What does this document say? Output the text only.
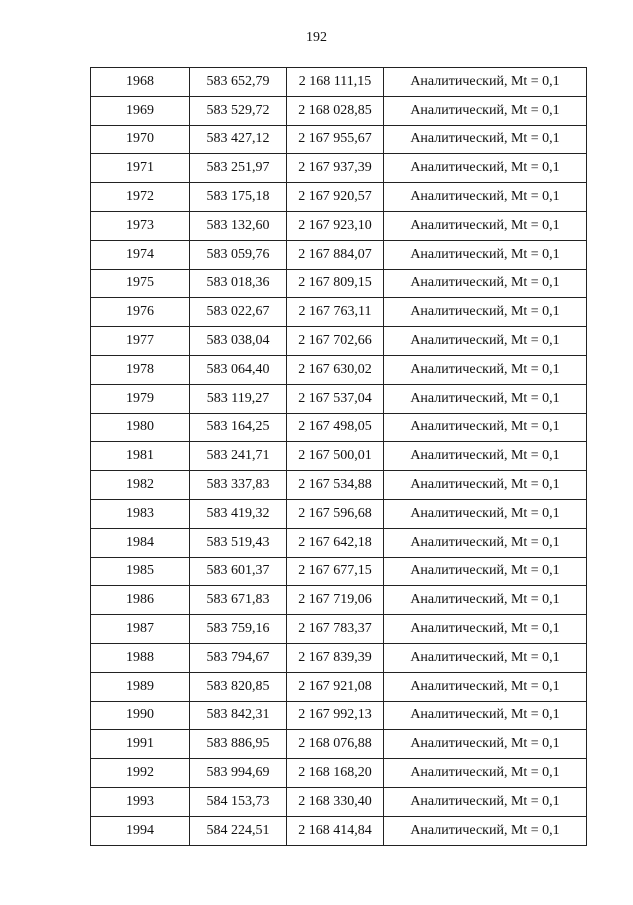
192
1968	583 652,79	2 168 111,15	Аналитический, Mt = 0,1
1969	583 529,72	2 168 028,85	Аналитический, Mt = 0,1
1970	583 427,12	2 167 955,67	Аналитический, Mt = 0,1
1971	583 251,97	2 167 937,39	Аналитический, Mt = 0,1
1972	583 175,18	2 167 920,57	Аналитический, Mt = 0,1
1973	583 132,60	2 167 923,10	Аналитический, Mt = 0,1
1974	583 059,76	2 167 884,07	Аналитический, Mt = 0,1
1975	583 018,36	2 167 809,15	Аналитический, Mt = 0,1
1976	583 022,67	2 167 763,11	Аналитический, Mt = 0,1
1977	583 038,04	2 167 702,66	Аналитический, Mt = 0,1
1978	583 064,40	2 167 630,02	Аналитический, Mt = 0,1
1979	583 119,27	2 167 537,04	Аналитический, Mt = 0,1
1980	583 164,25	2 167 498,05	Аналитический, Mt = 0,1
1981	583 241,71	2 167 500,01	Аналитический, Mt = 0,1
1982	583 337,83	2 167 534,88	Аналитический, Mt = 0,1
1983	583 419,32	2 167 596,68	Аналитический, Mt = 0,1
1984	583 519,43	2 167 642,18	Аналитический, Mt = 0,1
1985	583 601,37	2 167 677,15	Аналитический, Mt = 0,1
1986	583 671,83	2 167 719,06	Аналитический, Mt = 0,1
1987	583 759,16	2 167 783,37	Аналитический, Mt = 0,1
1988	583 794,67	2 167 839,39	Аналитический, Mt = 0,1
1989	583 820,85	2 167 921,08	Аналитический, Mt = 0,1
1990	583 842,31	2 167 992,13	Аналитический, Mt = 0,1
1991	583 886,95	2 168 076,88	Аналитический, Mt = 0,1
1992	583 994,69	2 168 168,20	Аналитический, Mt = 0,1
1993	584 153,73	2 168 330,40	Аналитический, Mt = 0,1
1994	584 224,51	2 168 414,84	Аналитический, Mt = 0,1
